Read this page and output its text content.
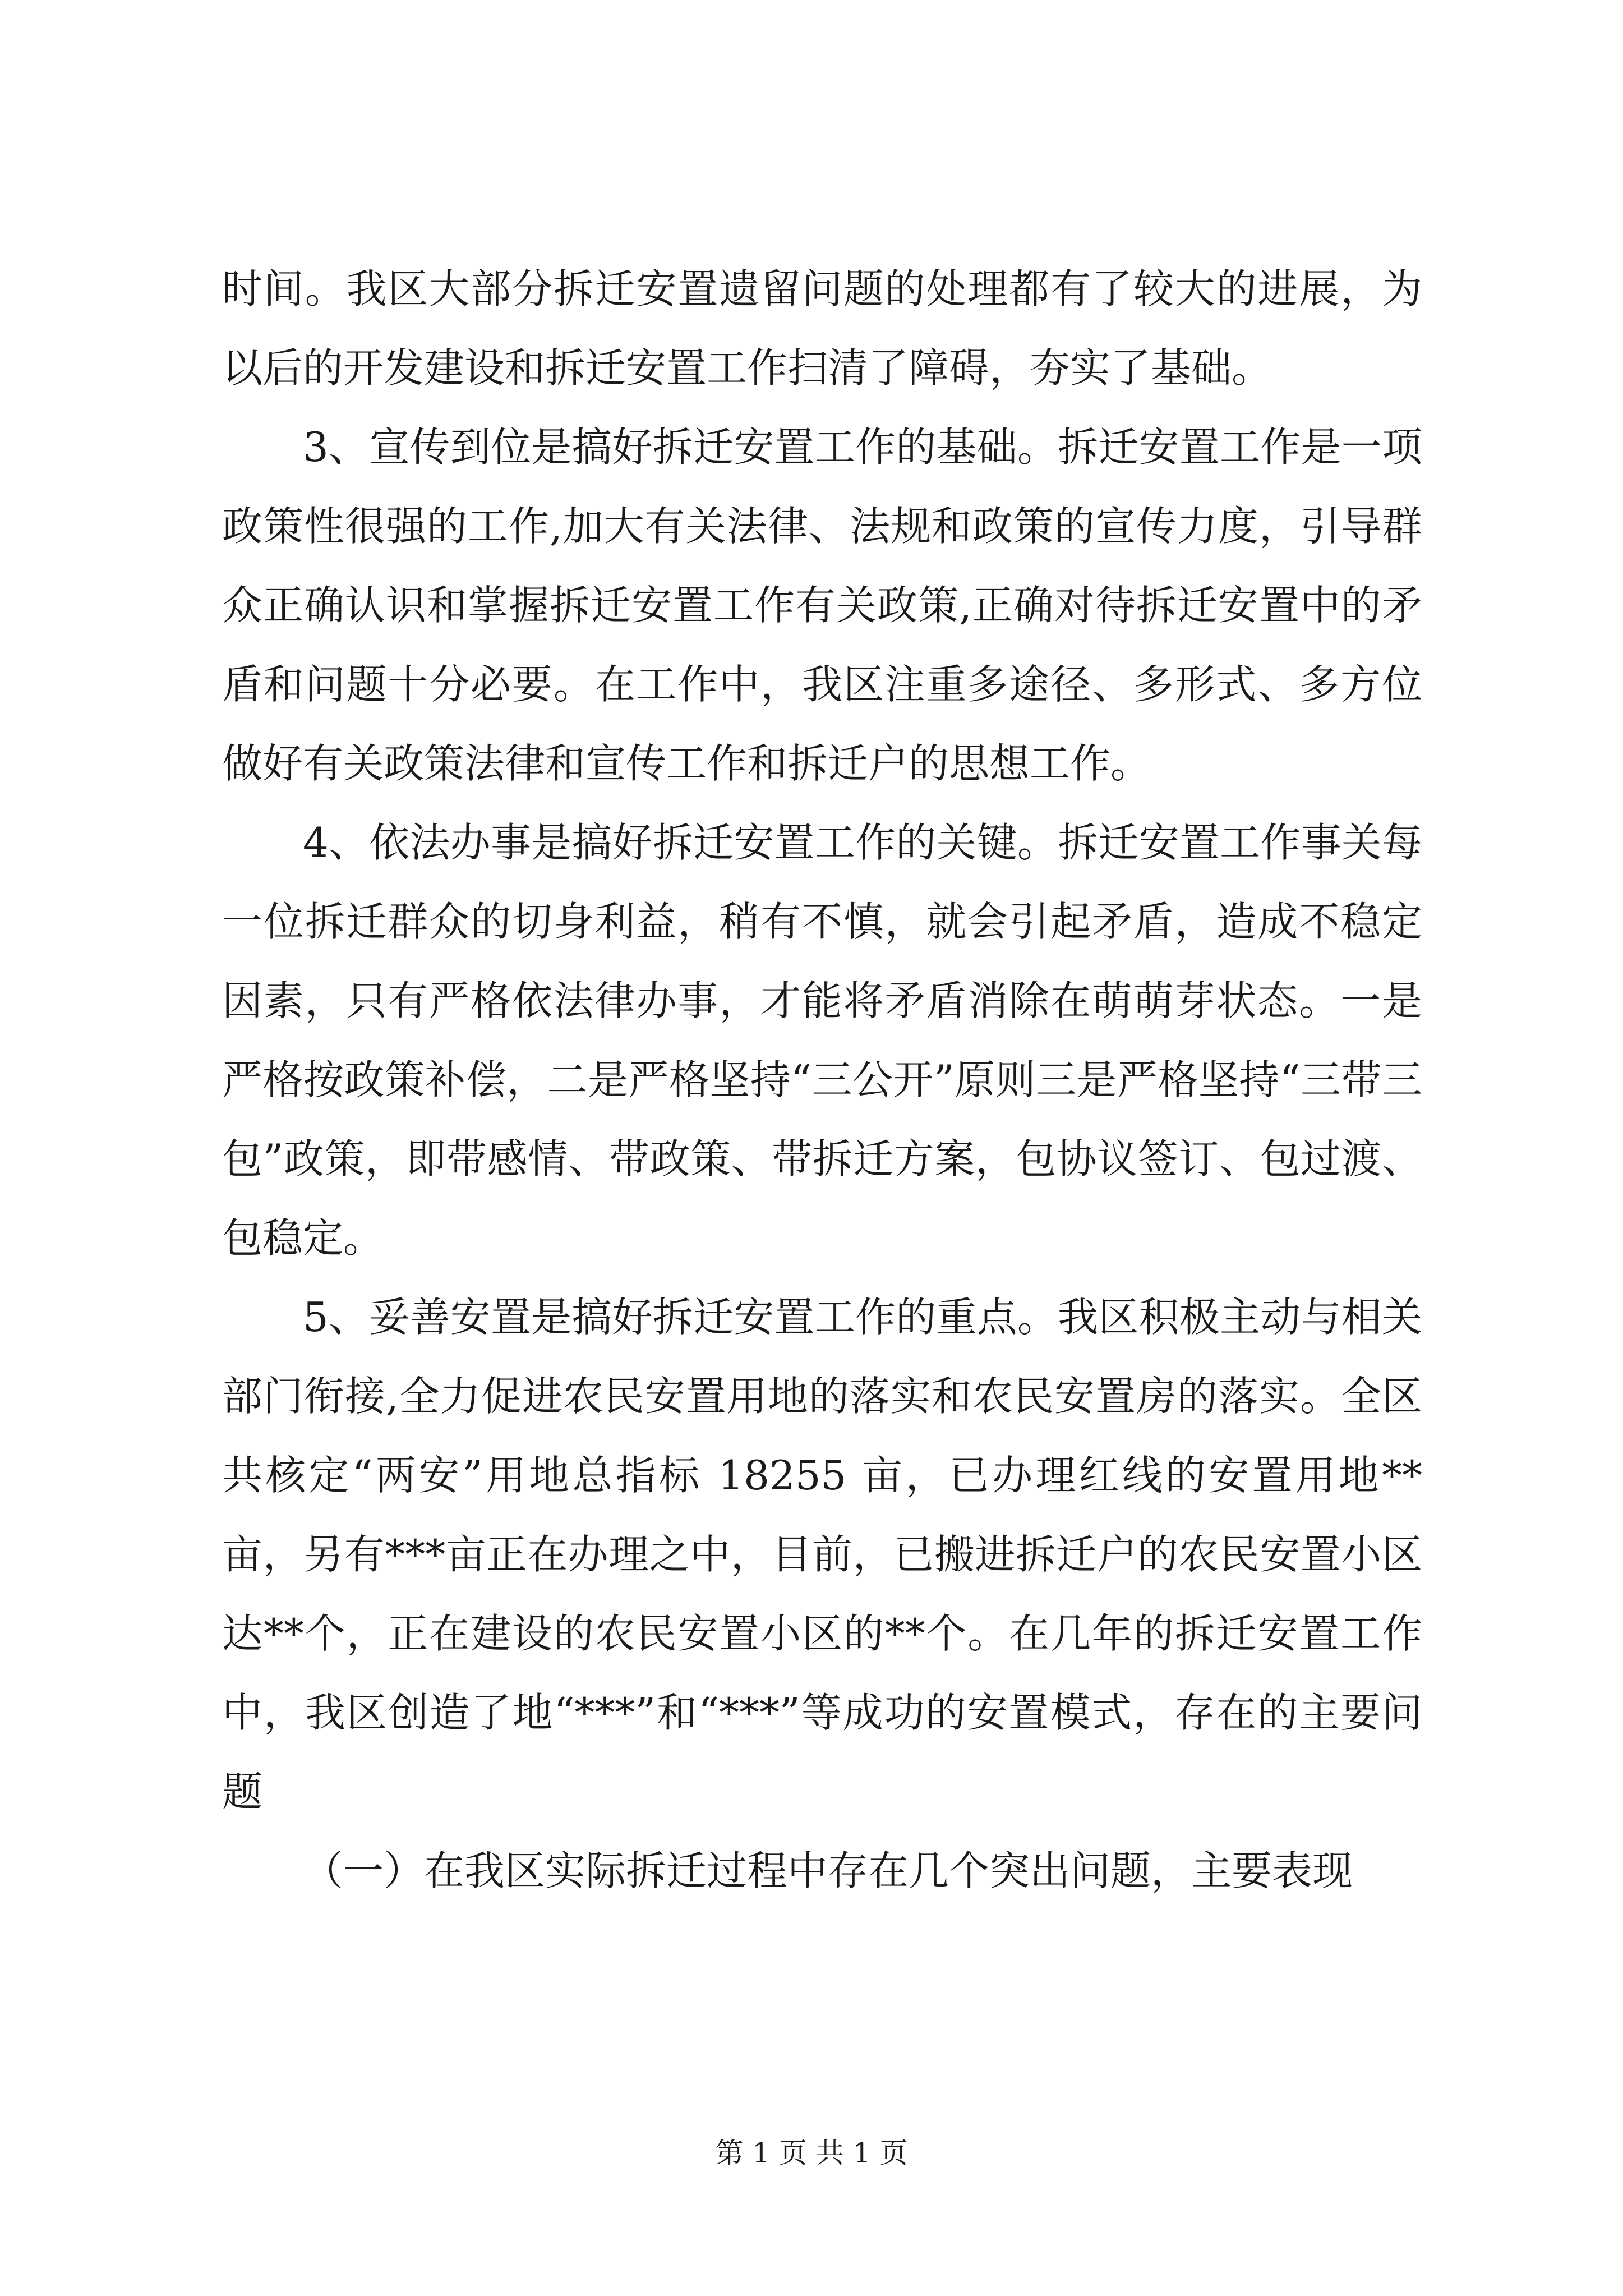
时间。我区大部分拆迁安置遗留问题的处理都有了较大的进展，为以后的开发建设和拆迁安置工作扫清了障碍，夯实了基础。

3、宣传到位是搞好拆迁安置工作的基础。拆迁安置工作是一项政策性很强的工作,加大有关法律、法规和政策的宣传力度，引导群众正确认识和掌握拆迁安置工作有关政策,正确对待拆迁安置中的矛盾和问题十分必要。在工作中，我区注重多途径、多形式、多方位做好有关政策法律和宣传工作和拆迁户的思想工作。

4、依法办事是搞好拆迁安置工作的关键。拆迁安置工作事关每一位拆迁群众的切身利益，稍有不慎，就会引起矛盾，造成不稳定因素，只有严格依法律办事，才能将矛盾消除在萌萌芽状态。一是严格按政策补偿，二是严格坚持“三公开”原则三是严格坚持“三带三包”政策，即带感情、带政策、带拆迁方案，包协议签订、包过渡、包稳定。

5、妥善安置是搞好拆迁安置工作的重点。我区积极主动与相关部门衔接,全力促进农民安置用地的落实和农民安置房的落实。全区共核定“两安”用地总指标 18255 亩，已办理红线的安置用地**亩，另有***亩正在办理之中，目前，已搬进拆迁户的农民安置小区达**个，正在建设的农民安置小区的**个。在几年的拆迁安置工作中，我区创造了地“***”和“***”等成功的安置模式，存在的主要问题

（一）在我区实际拆迁过程中存在几个突出问题，主要表现

第 1 页 共 1 页
